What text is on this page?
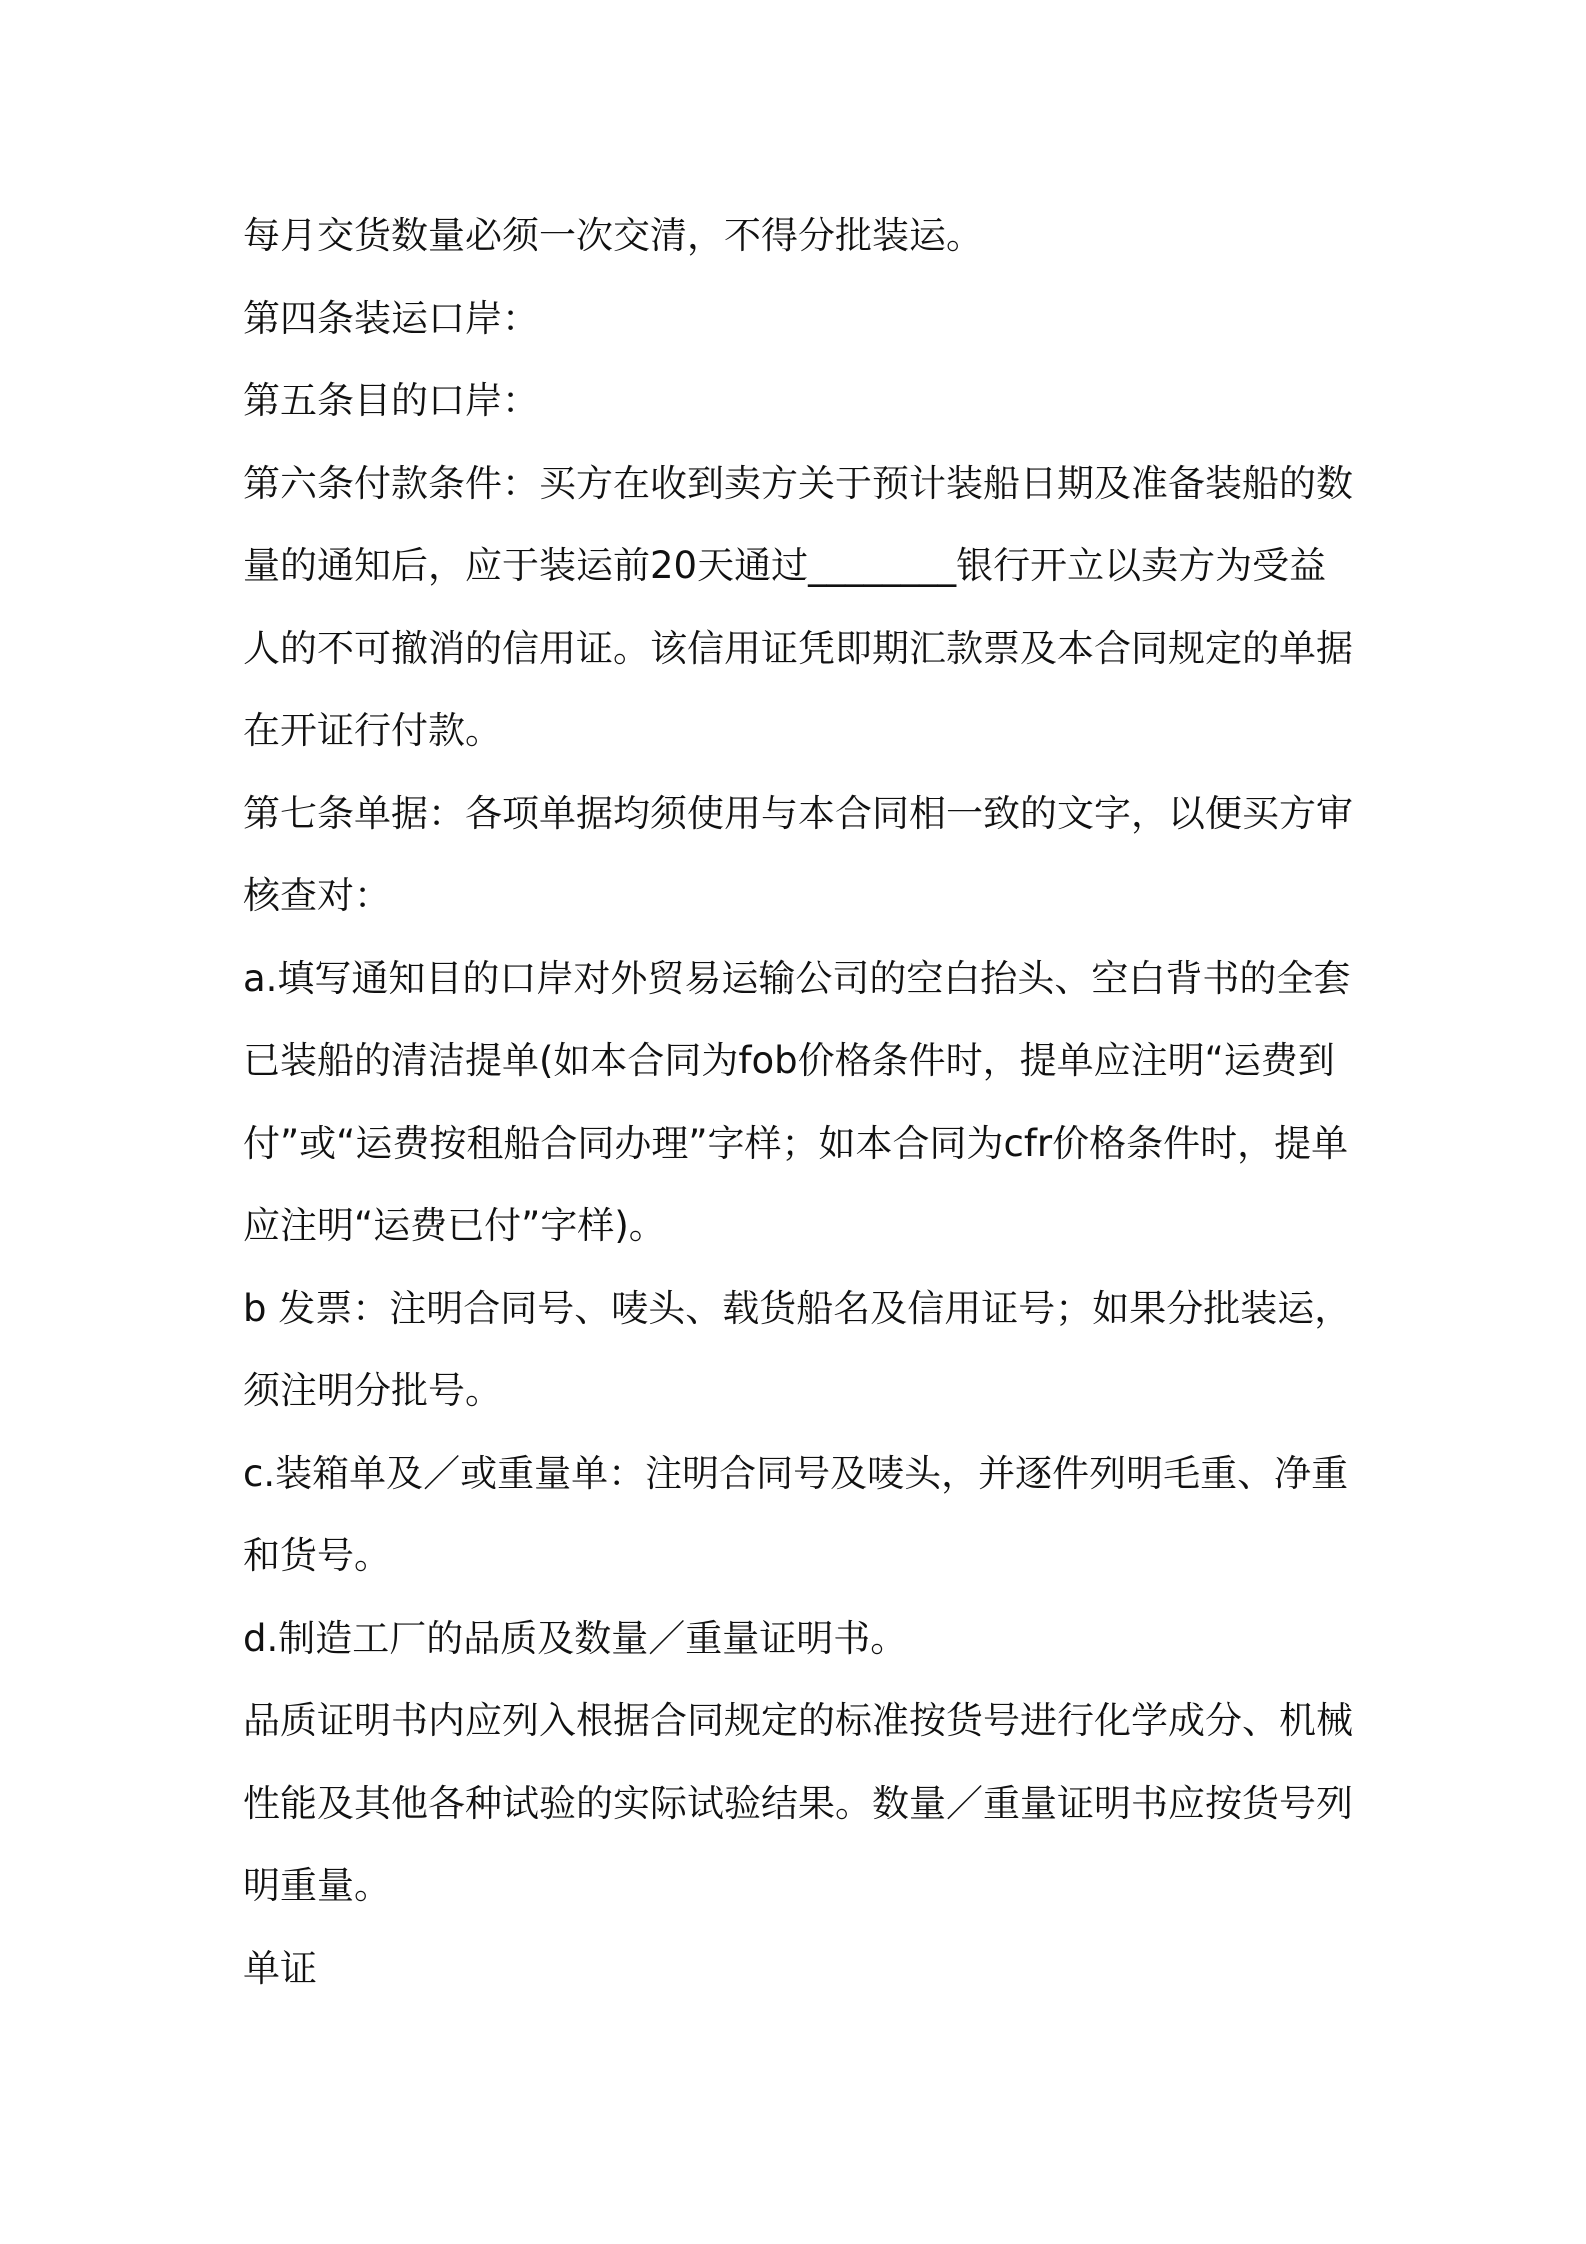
每月交货数量必须一次交清，不得分批装运。

第四条装运口岸：

第五条目的口岸：

第六条付款条件：买方在收到卖方关于预计装船日期及准备装船的数量的通知后，应于装运前20天通过________银行开立以卖方为受益人的不可撤消的信用证。该信用证凭即期汇款票及本合同规定的单据在开证行付款。

第七条单据：各项单据均须使用与本合同相一致的文字，以便买方审核查对：

a.填写通知目的口岸对外贸易运输公司的空白抬头、空白背书的全套已装船的清洁提单(如本合同为fob价格条件时，提单应注明“运费到付”或“运费按租船合同办理”字样；如本合同为cfr价格条件时，提单应注明“运费已付”字样)。

b 发票：注明合同号、唛头、载货船名及信用证号；如果分批装运，须注明分批号。

c.装箱单及／或重量单：注明合同号及唛头，并逐件列明毛重、净重和货号。

d.制造工厂的品质及数量／重量证明书。

品质证明书内应列入根据合同规定的标准按货号进行化学成分、机械性能及其他各种试验的实际试验结果。数量／重量证明书应按货号列明重量。

单证
